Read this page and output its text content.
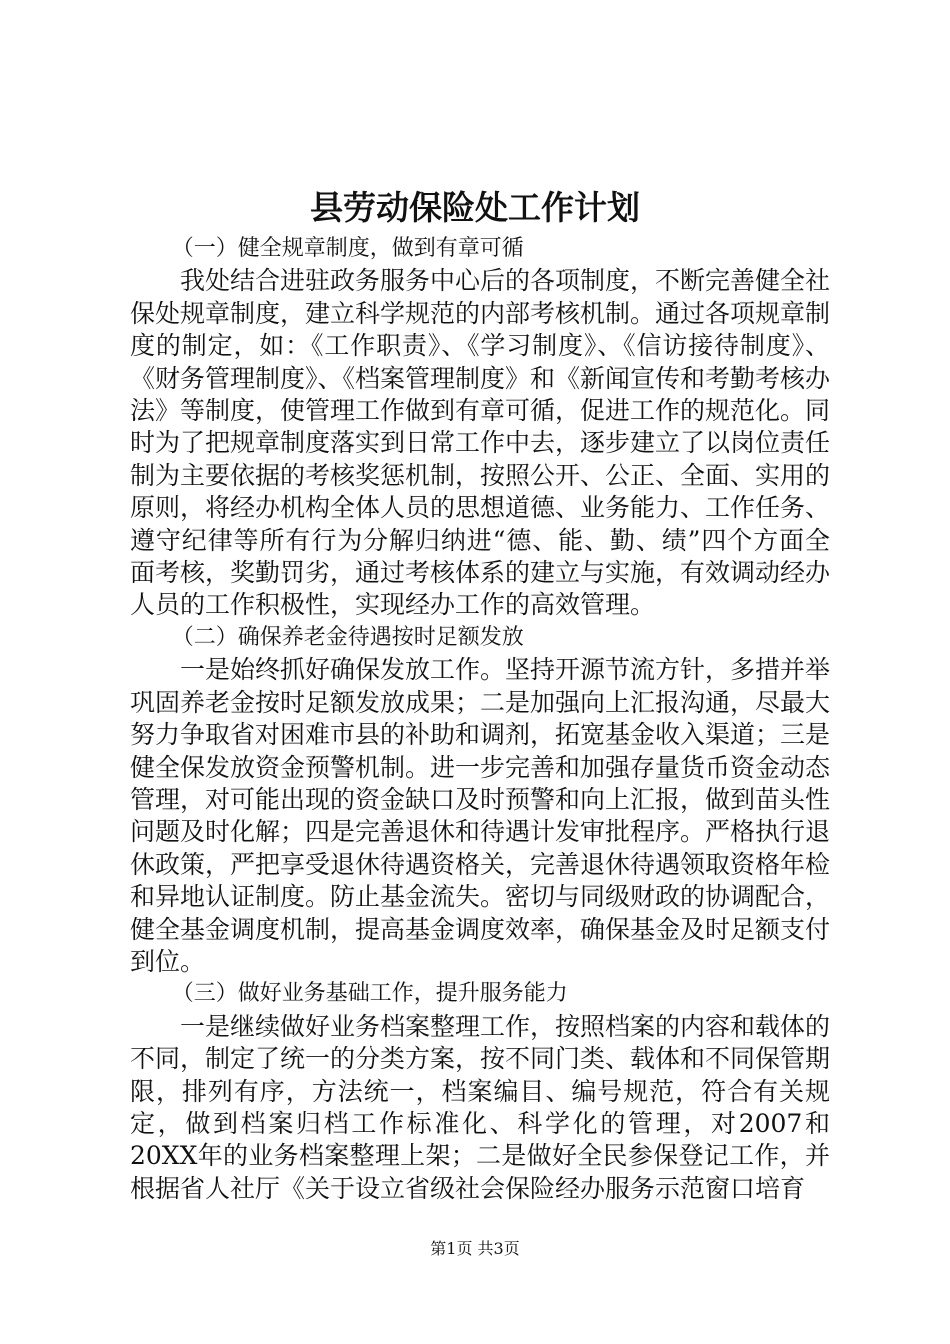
县劳动保险处工作计划

（一）健全规章制度，做到有章可循

我处结合进驻政务服务中心后的各项制度，不断完善健全社保处规章制度，建立科学规范的内部考核机制。通过各项规章制度的制定，如：《工作职责》、《学习制度》、《信访接待制度》、《财务管理制度》、《档案管理制度》和《新闻宣传和考勤考核办法》等制度，使管理工作做到有章可循，促进工作的规范化。同时为了把规章制度落实到日常工作中去，逐步建立了以岗位责任制为主要依据的考核奖惩机制，按照公开、公正、全面、实用的原则，将经办机构全体人员的思想道德、业务能力、工作任务、遵守纪律等所有行为分解归纳进“德、能、勤、绩”四个方面全面考核，奖勤罚劣，通过考核体系的建立与实施，有效调动经办人员的工作积极性，实现经办工作的高效管理。

（二）确保养老金待遇按时足额发放

一是始终抓好确保发放工作。坚持开源节流方针，多措并举巩固养老金按时足额发放成果；二是加强向上汇报沟通，尽最大努力争取省对困难市县的补助和调剂，拓宽基金收入渠道；三是健全保发放资金预警机制。进一步完善和加强存量货币资金动态管理，对可能出现的资金缺口及时预警和向上汇报，做到苗头性问题及时化解；四是完善退休和待遇计发审批程序。严格执行退休政策，严把享受退休待遇资格关，完善退休待遇领取资格年检和异地认证制度。防止基金流失。密切与同级财政的协调配合，健全基金调度机制，提高基金调度效率，确保基金及时足额支付到位。

（三）做好业务基础工作，提升服务能力

一是继续做好业务档案整理工作，按照档案的内容和载体的不同，制定了统一的分类方案，按不同门类、载体和不同保管期限，排列有序，方法统一，档案编目、编号规范，符合有关规定，做到档案归档工作标准化、科学化的管理，对2007和20XX年的业务档案整理上架；二是做好全民参保登记工作，并根据省人社厅《关于设立省级社会保险经办服务示范窗口培育

第1页 共3页
